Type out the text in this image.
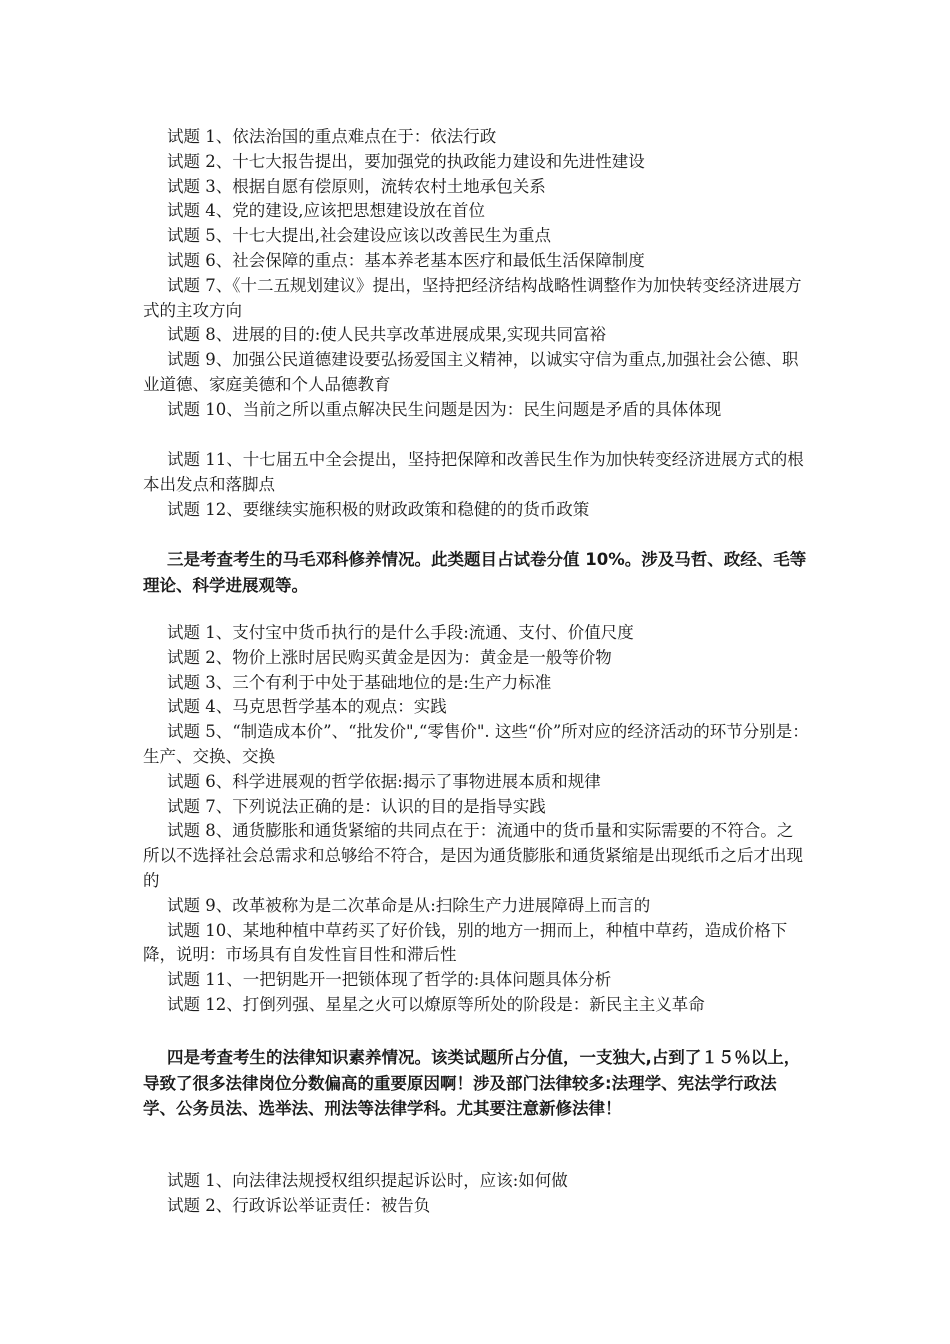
试题 1、依法治国的重点难点在于：依法行政

试题 2、十七大报告提出，要加强党的执政能力建设和先进性建设

试题 3、根据自愿有偿原则，流转农村土地承包关系

试题 4、党的建设,应该把思想建设放在首位

试题 5、十七大提出,社会建设应该以改善民生为重点

试题 6、社会保障的重点：基本养老基本医疗和最低生活保障制度

试题 7、《十二五规划建议》提出，坚持把经济结构战略性调整作为加快转变经济进展方式的主攻方向

试题 8、进展的目的:使人民共享改革进展成果,实现共同富裕

试题 9、加强公民道德建设要弘扬爱国主义精神，以诚实守信为重点,加强社会公德、职业道德、家庭美德和个人品德教育

试题 10、当前之所以重点解决民生问题是因为：民生问题是矛盾的具体体现

试题 11、十七届五中全会提出，坚持把保障和改善民生作为加快转变经济进展方式的根本出发点和落脚点

试题 12、要继续实施积极的财政政策和稳健的的货币政策

三是考查考生的马毛邓科修养情况。此类题目占试卷分值 10%。涉及马哲、政经、毛等理论、科学进展观等。

试题 1、支付宝中货币执行的是什么手段:流通、支付、价值尺度

试题 2、物价上涨时居民购买黄金是因为：黄金是一般等价物

试题 3、三个有利于中处于基础地位的是:生产力标准

试题 4、马克思哲学基本的观点：实践

试题 5、“制造成本价”、“批发价",“零售价". 这些“价”所对应的经济活动的环节分别是：生产、交换、交换

试题 6、科学进展观的哲学依据:揭示了事物进展本质和规律

试题 7、下列说法正确的是：认识的目的是指导实践

试题 8、通货膨胀和通货紧缩的共同点在于：流通中的货币量和实际需要的不符合。之所以不选择社会总需求和总够给不符合，是因为通货膨胀和通货紧缩是出现纸币之后才出现的

试题 9、改革被称为是二次革命是从:扫除生产力进展障碍上而言的

试题 10、某地种植中草药买了好价钱，别的地方一拥而上，种植中草药，造成价格下降，说明：市场具有自发性盲目性和滞后性

试题 11、一把钥匙开一把锁体现了哲学的:具体问题具体分析

试题 12、打倒列强、星星之火可以燎原等所处的阶段是：新民主主义革命

四是考查考生的法律知识素养情况。该类试题所占分值，一支独大,占到了１５％以上，导致了很多法律岗位分数偏高的重要原因啊！涉及部门法律较多:法理学、宪法学行政法学、公务员法、选举法、刑法等法律学科。尤其要注意新修法律！

试题 1、向法律法规授权组织提起诉讼时，应该:如何做

试题 2、行政诉讼举证责任：被告负
